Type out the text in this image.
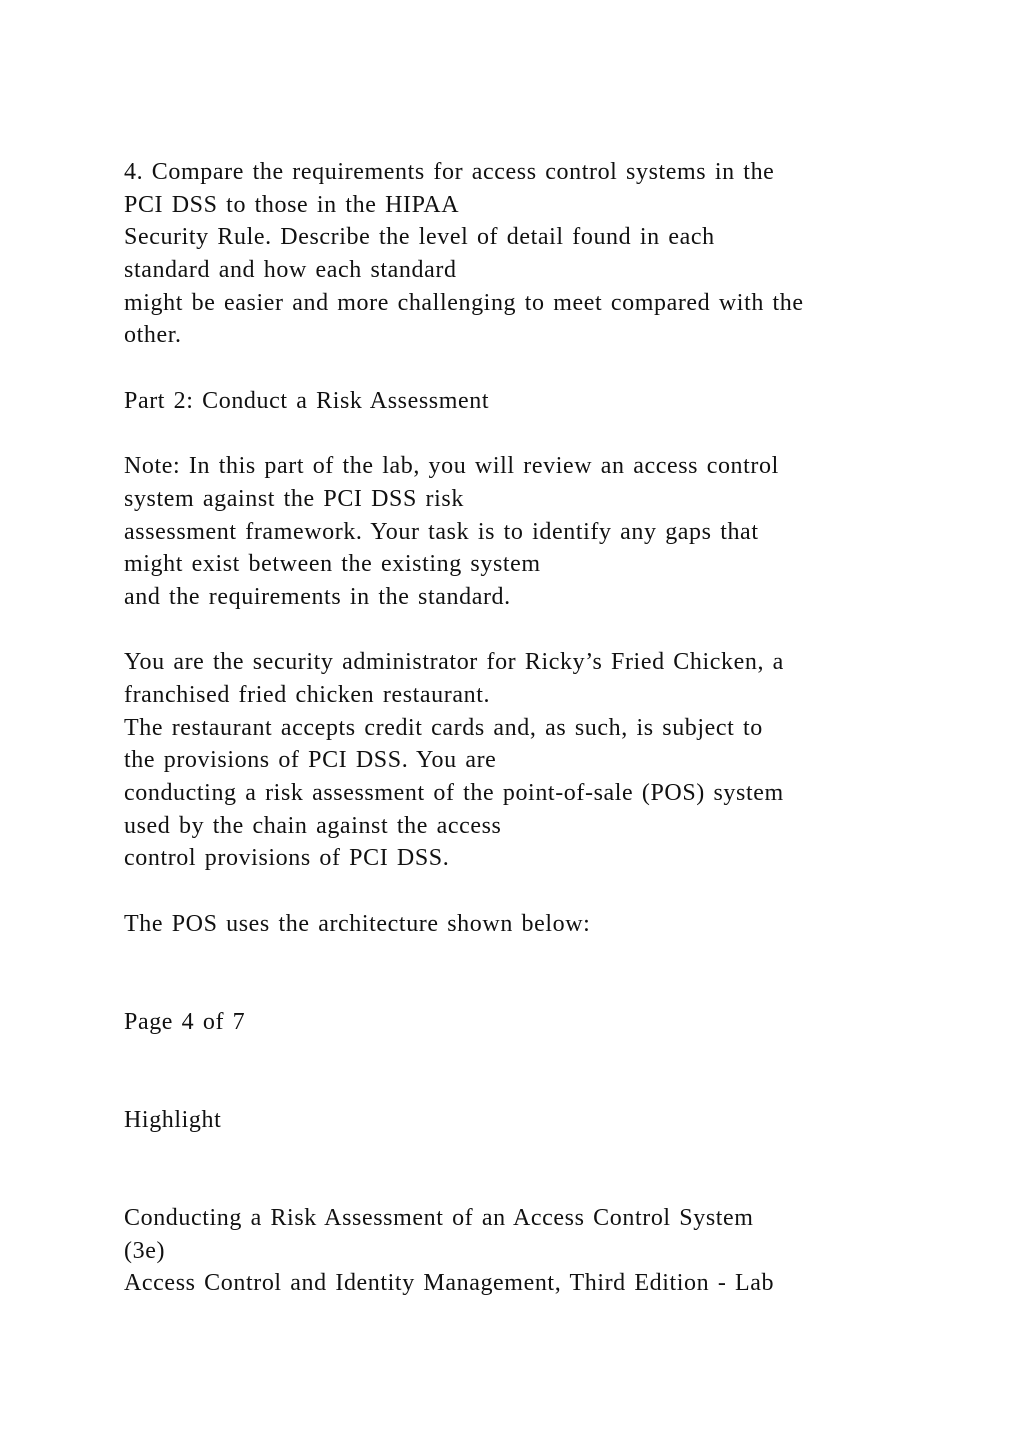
4. Compare the requirements for access control systems in the
PCI DSS to those in the HIPAA
Security Rule. Describe the level of detail found in each
standard and how each standard
might be easier and more challenging to meet compared with the
other.
Part 2: Conduct a Risk Assessment
Note: In this part of the lab, you will review an access control
system against the PCI DSS risk
assessment framework. Your task is to identify any gaps that
might exist between the existing system
and the requirements in the standard.
You are the security administrator for Ricky’s Fried Chicken, a
franchised fried chicken restaurant.
The restaurant accepts credit cards and, as such, is subject to
the provisions of PCI DSS. You are
conducting a risk assessment of the point-of-sale (POS) system
used by the chain against the access
control provisions of PCI DSS.
The POS uses the architecture shown below:
Page 4 of 7
Highlight
Conducting a Risk Assessment of an Access Control System
(3e)
Access Control and Identity Management, Third Edition - Lab
